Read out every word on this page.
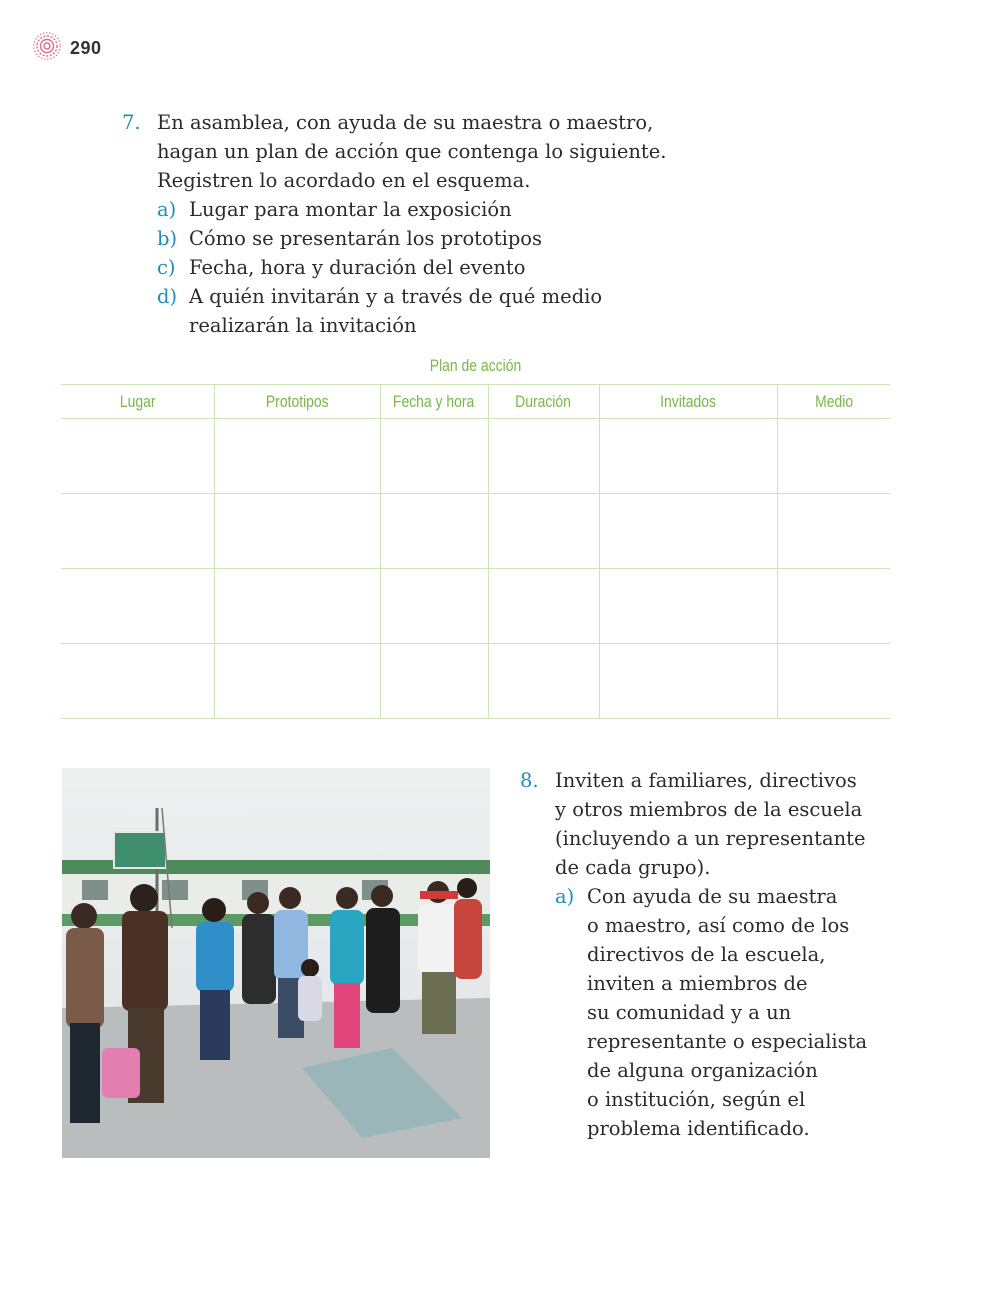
290
7. En asamblea, con ayuda de su maestra o maestro,
hagan un plan de acción que contenga lo siguiente.
Registren lo acordado en el esquema.
a) Lugar para montar la exposición
b) Cómo se presentarán los prototipos
c) Fecha, hora y duración del evento
d) A quién invitarán y a través de qué medio
realizarán la invitación
Plan de acción
Lugar	Prototipos	Fecha y hora	Duración	Invitados	Medio

8. Inviten a familiares, directivos
y otros miembros de la escuela
(incluyendo a un representante
de cada grupo).
a) Con ayuda de su maestra
o maestro, así como de los
directivos de la escuela,
inviten a miembros de
su comunidad y a un
representante o especialista
de alguna organización
o institución, según el
problema identificado.
